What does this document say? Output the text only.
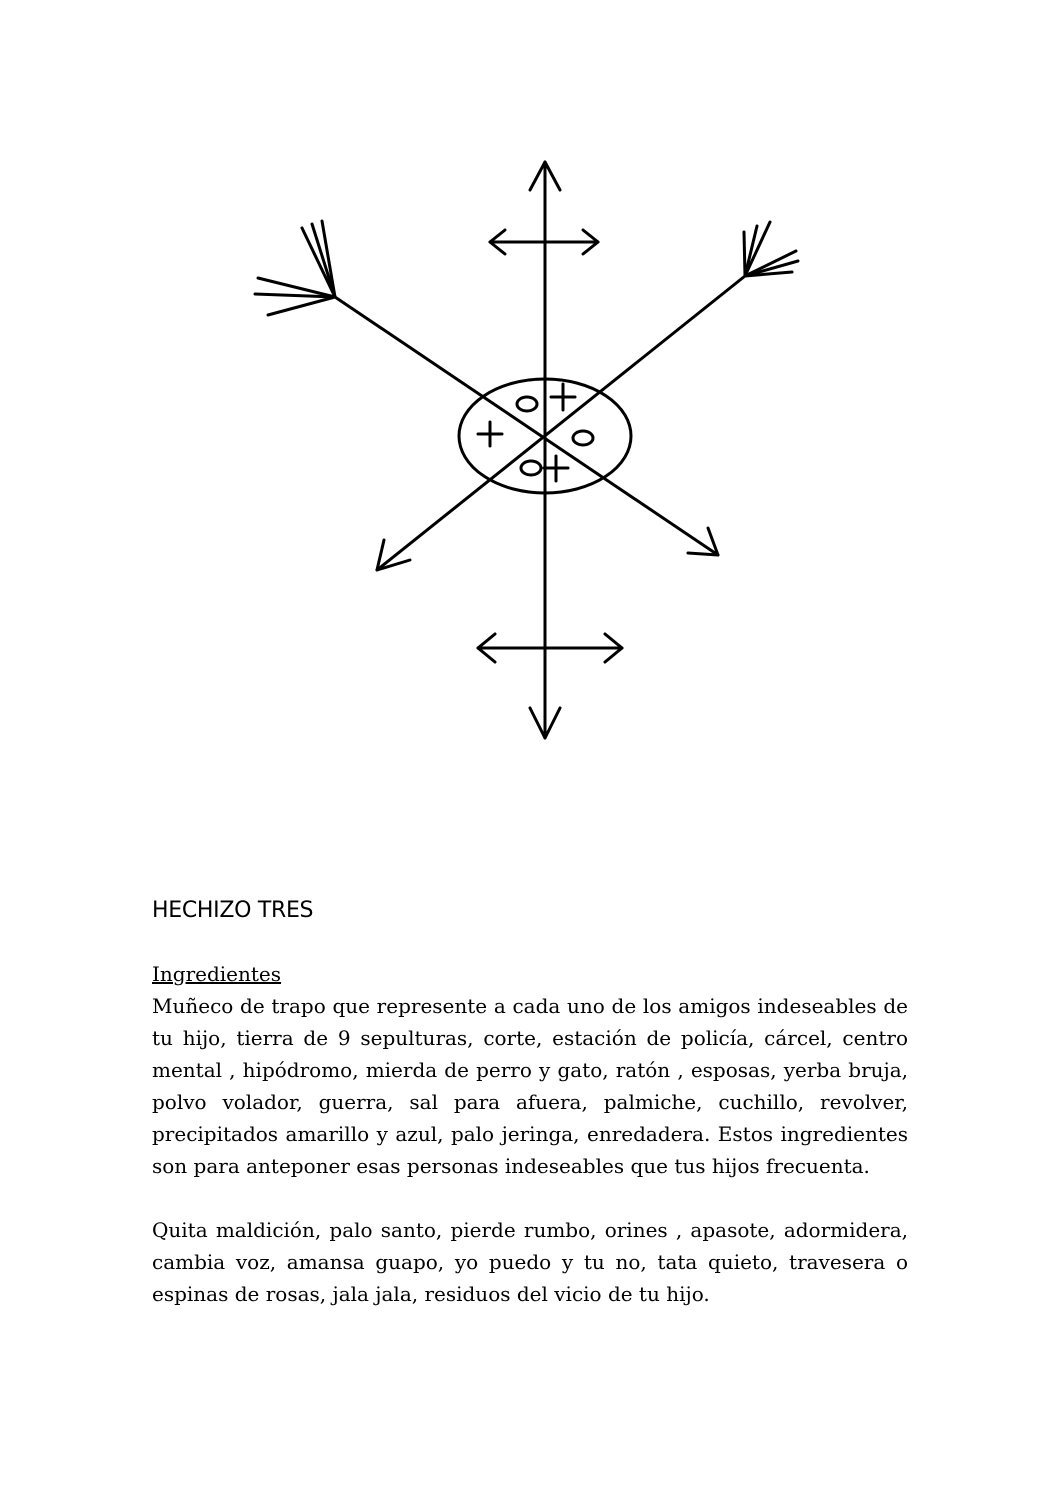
HECHIZO TRES

Ingredientes

Muñeco de trapo que represente a cada uno de los amigos indeseables de tu hijo, tierra de 9 sepulturas, corte, estación de policía, cárcel, centro mental , hipódromo, mierda de perro y gato, ratón , esposas, yerba bruja, polvo volador, guerra, sal para afuera, palmiche, cuchillo, revolver, precipitados amarillo y azul, palo jeringa, enredadera. Estos ingredientes son para anteponer esas personas indeseables que tus hijos frecuenta.

Quita maldición, palo santo, pierde rumbo, orines , apasote, adormidera, cambia voz, amansa guapo, yo puedo y tu no, tata quieto, travesera o espinas de rosas, jala jala, residuos del vicio de tu hijo.
